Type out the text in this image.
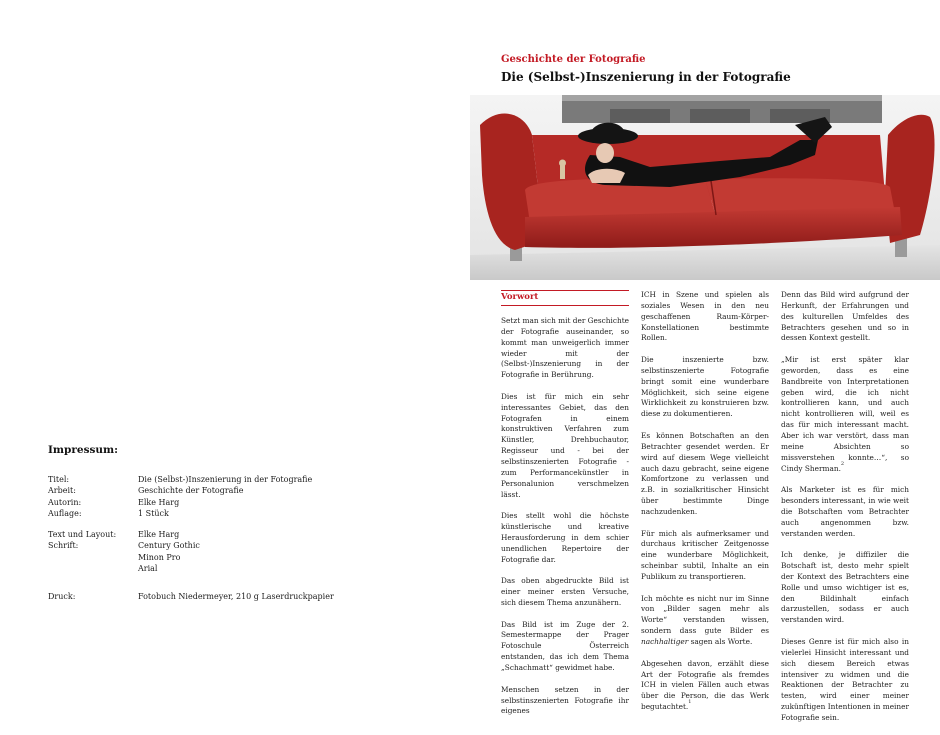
Impressum:
Titel:	Die (Selbst-)Inszenierung in der Fotografie
Arbeit:	Geschichte der Fotografie
Autorin:	Elke Harg
Auflage:	1 Stück
Text und Layout:	Elke Harg
Schrift:	Century Gothic
Minon Pro
Arial
Druck:	Fotobuch Niedermeyer, 210 g Laserdruckpapier
Geschichte der Fotografie
Die (Selbst-)Inszenierung in der Fotografie
Vorwort

Setzt man sich mit der Geschichte der Fotografie auseinander, so kommt man unweigerlich immer wieder mit der (Selbst-)Inszenierung in der Fotografie in Berührung.

Dies ist für mich ein sehr interessantes Gebiet, das den Fotografen in einem konstruktiven Verfahren zum Künstler, Drehbuchautor, Regisseur und - bei der selbstinszenierten Fotografie - zum Performancekünstler in Personalunion verschmelzen lässt.

Dies stellt wohl die höchste künstlerische und kreative Herausforderung in dem schier unendlichen Repertoire der Fotografie dar.

Das oben abgedruckte Bild ist einer meiner ersten Versuche, sich diesem Thema anzunähern.

Das Bild ist im Zuge der 2. Semestermappe der Prager Fotoschule Österreich entstanden, das ich dem Thema „Schachmatt“ gewidmet habe.

Menschen setzen in der selbstinszenierten Fotografie ihr eigenes

ICH in Szene und spielen als soziales Wesen in den neu geschaffenen Raum-Körper-Konstellationen bestimmte Rollen.

Die inszenierte bzw. selbstinszenierte Fotografie bringt somit eine wunderbare Möglichkeit, sich seine eigene Wirklichkeit zu konstruieren bzw. diese zu dokumentieren.

Es können Botschaften an den Betrachter gesendet werden. Er wird auf diesem Wege vielleicht auch dazu gebracht, seine eigene Komfortzone zu verlassen und z.B. in sozialkritischer Hinsicht über bestimmte Dinge nachzudenken.

Für mich als aufmerksamer und durchaus kritischer Zeitgenosse eine wunderbare Möglichkeit, scheinbar subtil, Inhalte an ein Publikum zu transportieren.

Ich möchte es nicht nur im Sinne von „Bilder sagen mehr als Worte“ verstanden wissen, sondern dass gute Bilder es nachhaltiger sagen als Worte.

Abgesehen davon, erzählt diese Art der Fotografie als fremdes ICH in vielen Fällen auch etwas über die Person, die das Werk begutachtet.$^1$

Denn das Bild wird aufgrund der Herkunft, der Erfahrungen und des kulturellen Umfeldes des Betrachters gesehen und so in dessen Kontext gestellt.

„Mir ist erst später klar geworden, dass es eine Bandbreite von Interpretationen geben wird, die ich nicht kontrollieren kann, und auch nicht kontrollieren will, weil es das für mich interessant macht. Aber ich war verstört, dass man meine Absichten so missverstehen konnte…“, so Cindy Sherman.$^2$

Als Marketer ist es für mich besonders interessant, in wie weit die Botschaften vom Betrachter auch angenommen bzw. verstanden werden.

Ich denke, je diffiziler die Botschaft ist, desto mehr spielt der Kontext des Betrachters eine Rolle und umso wichtiger ist es, den Bildinhalt einfach darzustellen, sodass er auch verstanden wird.

Dieses Genre ist für mich also in vielerlei Hinsicht interessant und sich diesem Bereich etwas intensiver zu widmen und die Reaktionen der Betrachter zu testen, wird einer meiner zukünftigen Intentionen in meiner Fotografie sein.
